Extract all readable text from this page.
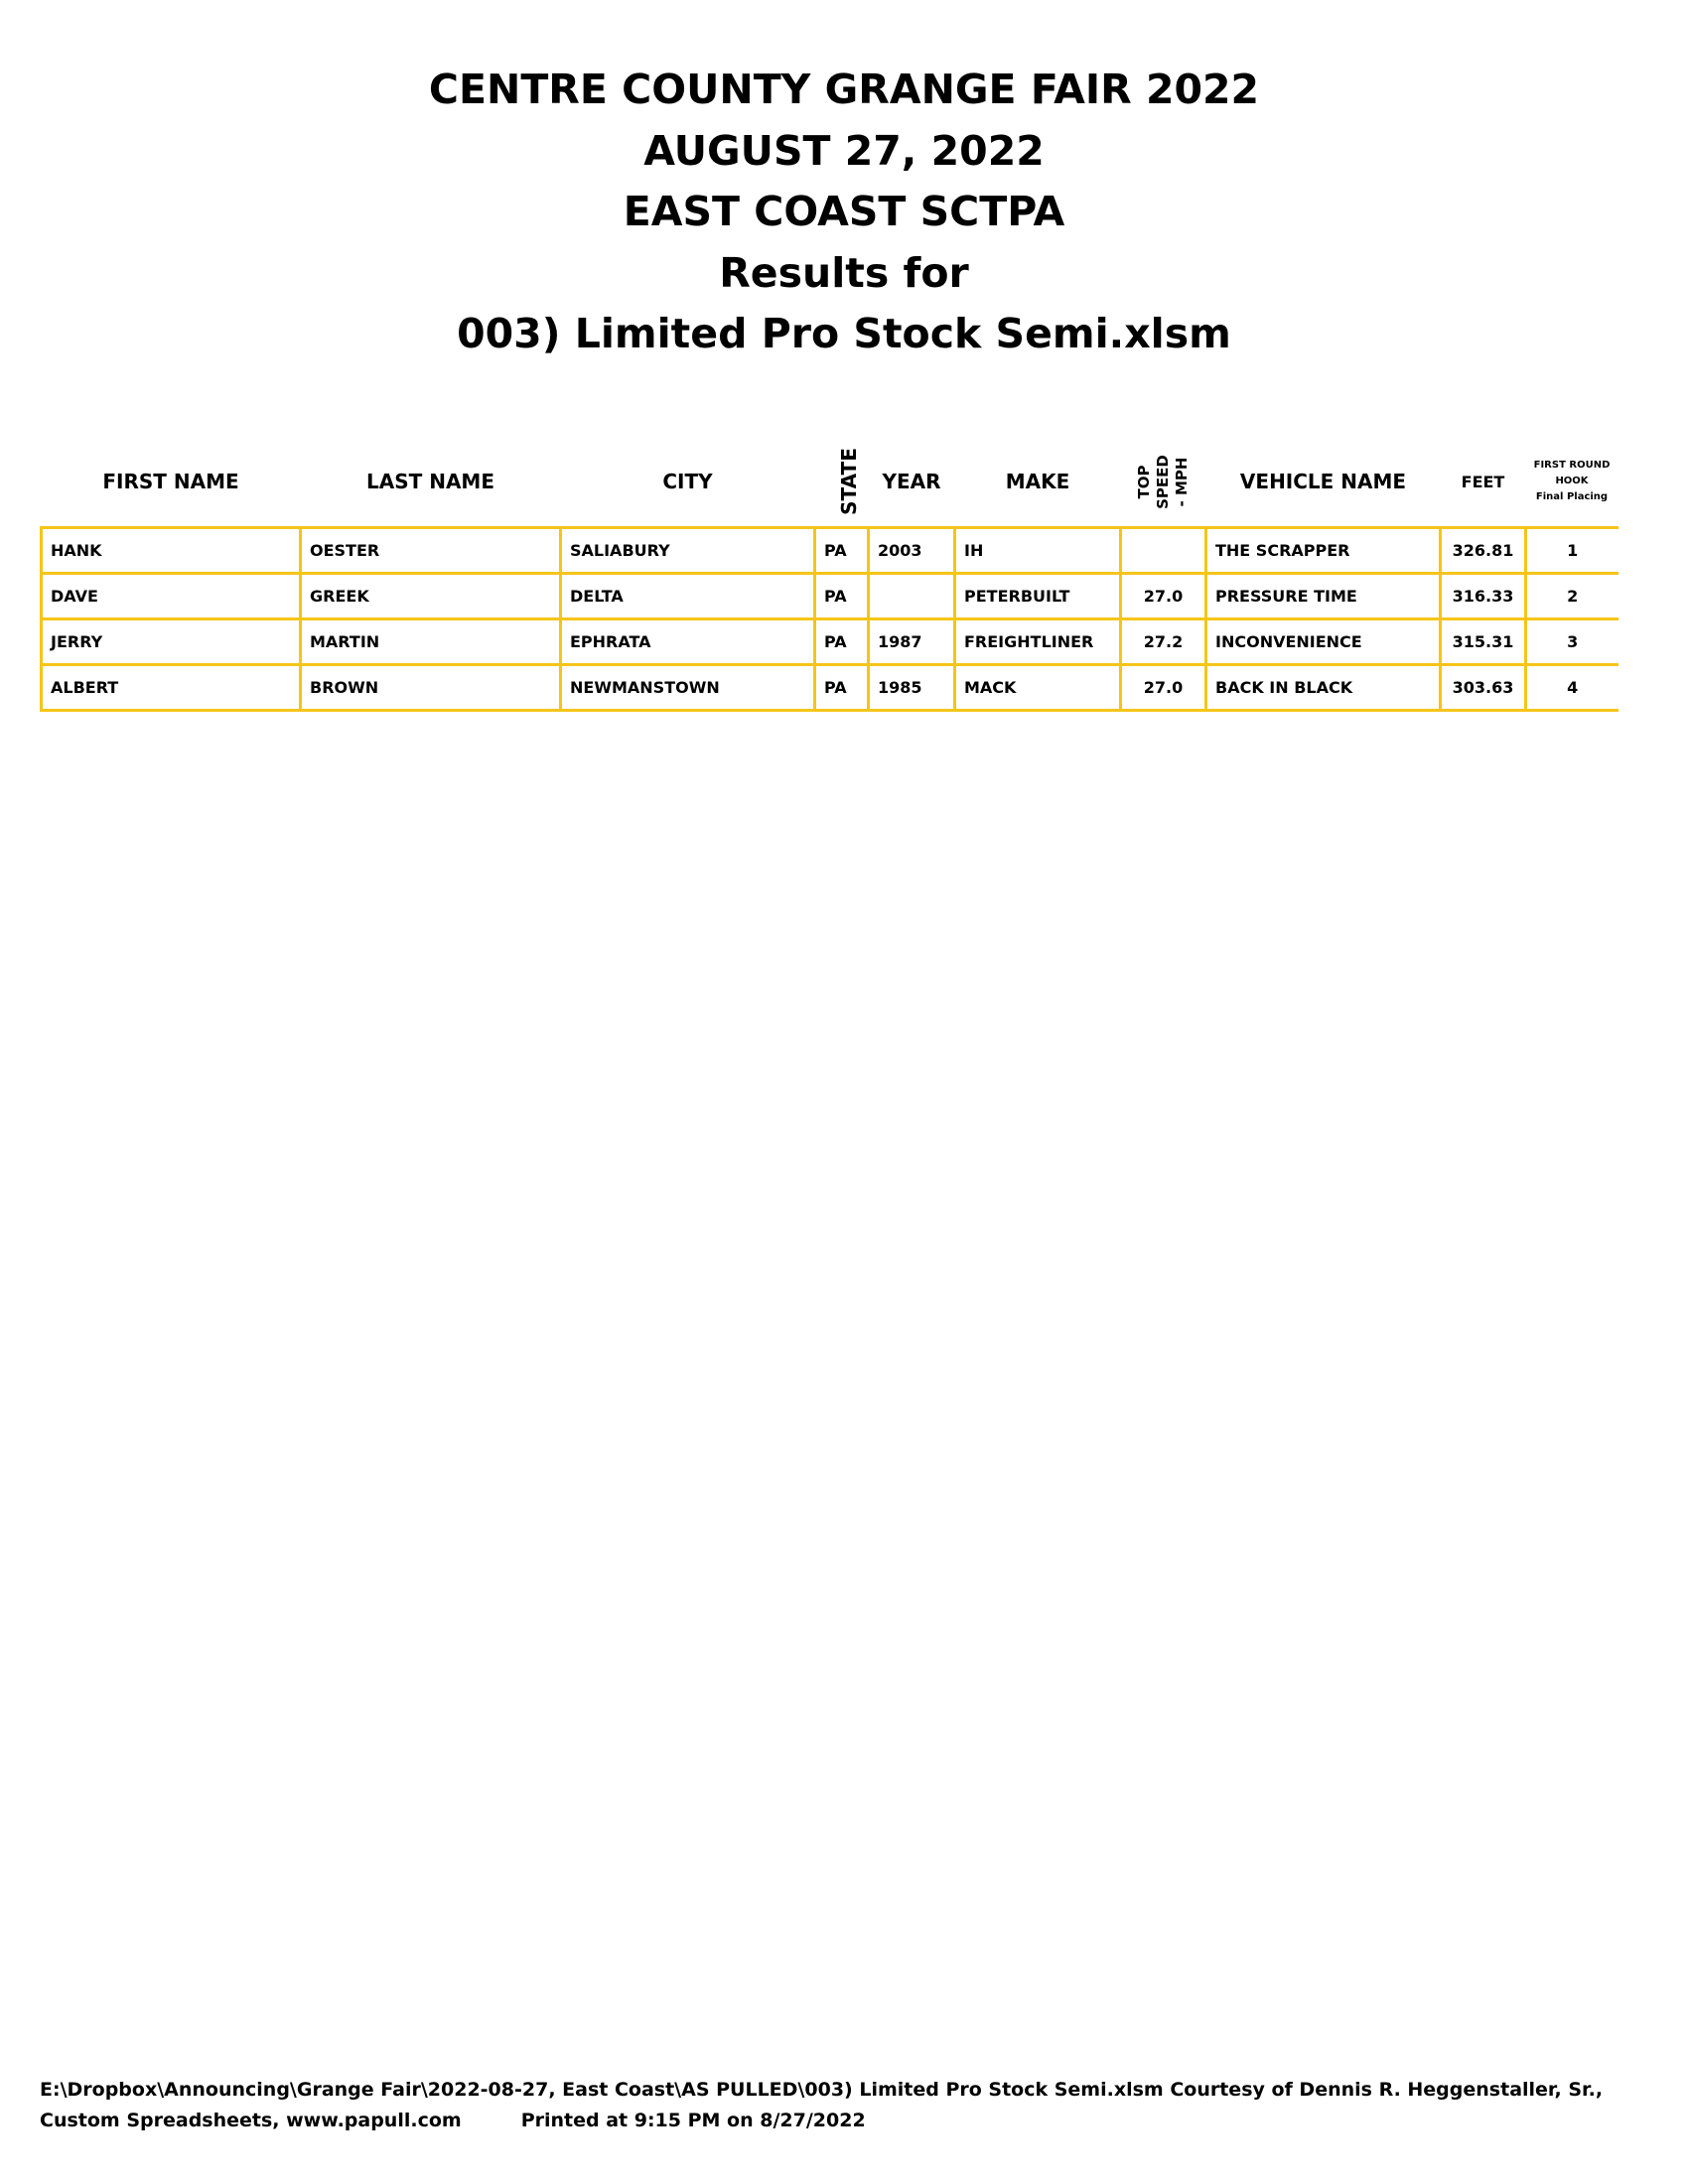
CENTRE COUNTY GRANGE FAIR 2022
AUGUST 27, 2022
EAST COAST SCTPA
Results for
003) Limited Pro Stock Semi.xlsm
FIRST NAME	LAST NAME	CITY	STATE	YEAR	MAKE	TOP
SPEED
- MPH	VEHICLE NAME	FEET	FIRST ROUND
HOOK
Final Placing
HANK	OESTER	SALIABURY	PA	2003	IH		THE SCRAPPER	326.81	1
DAVE	GREEK	DELTA	PA		PETERBUILT	27.0	PRESSURE TIME	316.33	2
JERRY	MARTIN	EPHRATA	PA	1987	FREIGHTLINER	27.2	INCONVENIENCE	315.31	3
ALBERT	BROWN	NEWMANSTOWN	PA	1985	MACK	27.0	BACK IN BLACK	303.63	4
E:\Dropbox\Announcing\Grange Fair\2022-08-27, East Coast\AS PULLED\003) Limited Pro Stock Semi.xlsm Courtesy of Dennis R. Heggenstaller, Sr.,
Custom Spreadsheets, www.papull.com	Printed at 9:15 PM on 8/27/2022
